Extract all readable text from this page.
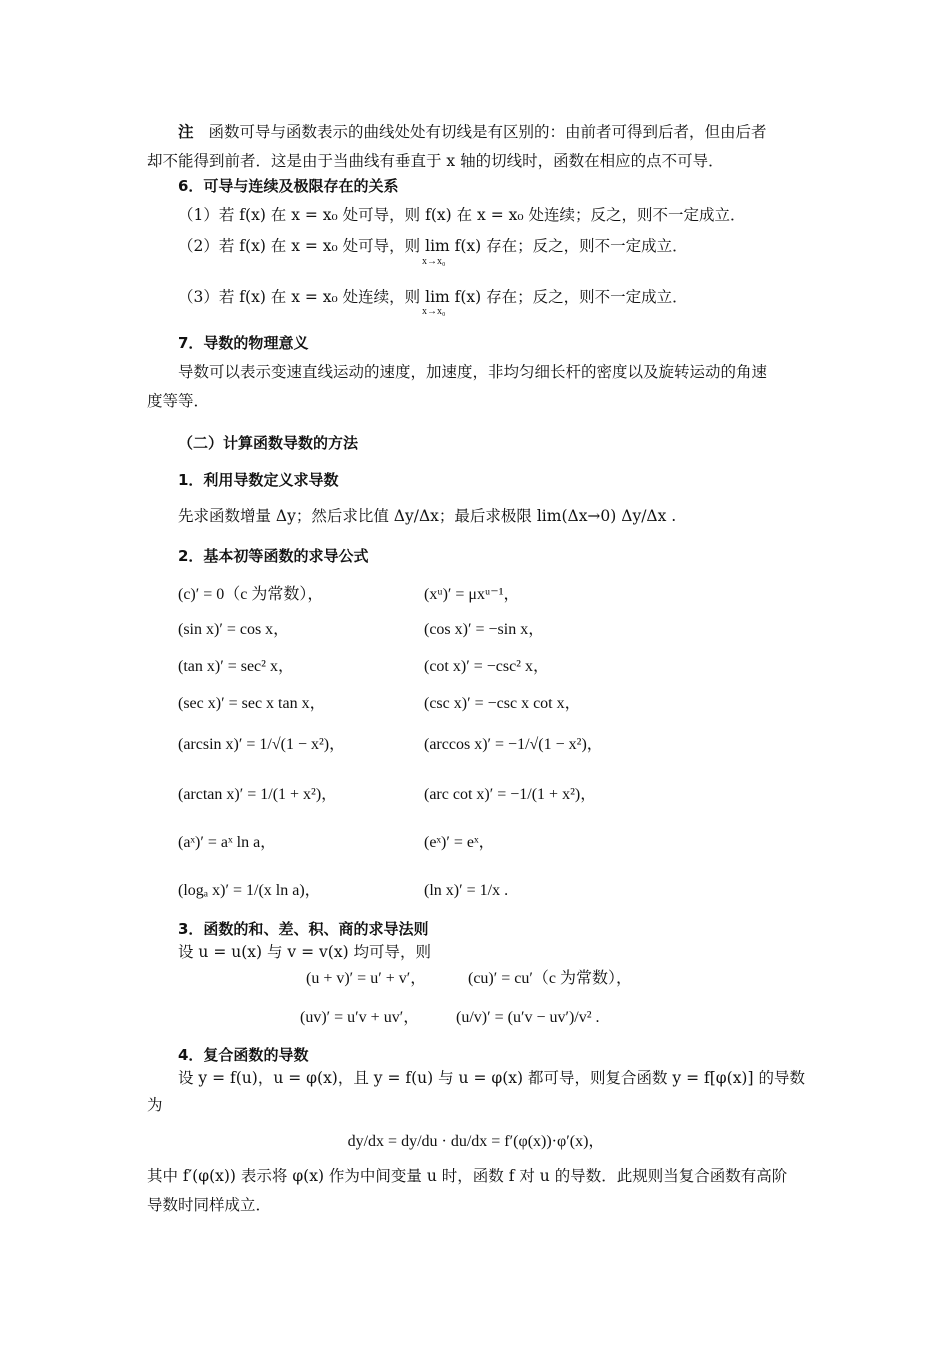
注 函数可导与函数表示的曲线处处有切线是有区别的：由前者可得到后者，但由后者
却不能得到前者．这是由于当曲线有垂直于 x 轴的切线时，函数在相应的点不可导．
6．可导与连续及极限存在的关系
（1）若 f(x) 在 x = x₀ 处可导，则 f(x) 在 x = x₀ 处连续；反之，则不一定成立．
（2）若 f(x) 在 x = x₀ 处可导，则 lim f(x) 存在；反之，则不一定成立．
x→x₀
（3）若 f(x) 在 x = x₀ 处连续，则 lim f(x) 存在；反之，则不一定成立．
x→x₀
7．导数的物理意义
导数可以表示变速直线运动的速度，加速度，非均匀细长杆的密度以及旋转运动的角速
度等等．
（二）计算函数导数的方法
1．利用导数定义求导数
先求函数增量 Δy；然后求比值 Δy/Δx；最后求极限 lim(Δx→0) Δy/Δx .
2．基本初等函数的求导公式
(c)′ = 0（c 为常数），	(xᵘ)′ = μxᵘ⁻¹，
(sin x)′ = cos x，	(cos x)′ = −sin x，
(tan x)′ = sec² x，	(cot x)′ = −csc² x，
(sec x)′ = sec x tan x，	(csc x)′ = −csc x cot x，
(arcsin x)′ = 1/√(1 − x²)，	(arccos x)′ = −1/√(1 − x²)，
(arctan x)′ = 1/(1 + x²)，	(arc cot x)′ = −1/(1 + x²)，
(aˣ)′ = aˣ ln a，	(eˣ)′ = eˣ，
(logₐ x)′ = 1/(x ln a)，	(ln x)′ = 1/x .
3．函数的和、差、积、商的求导法则
设 u = u(x) 与 v = v(x) 均可导，则
(u + v)′ = u′ + v′，	(cu)′ = cu′（c 为常数），
(uv)′ = u′v + uv′， (u/v)′ = (u′v − uv′)/v² .
4．复合函数的导数
设 y = f(u)，u = φ(x)，且 y = f(u) 与 u = φ(x) 都可导，则复合函数 y = f[φ(x)] 的导数
为
dy/dx = dy/du · du/dx = f′(φ(x))·φ′(x)，
其中 f′(φ(x)) 表示将 φ(x) 作为中间变量 u 时，函数 f 对 u 的导数．此规则当复合函数有高阶
导数时同样成立．
